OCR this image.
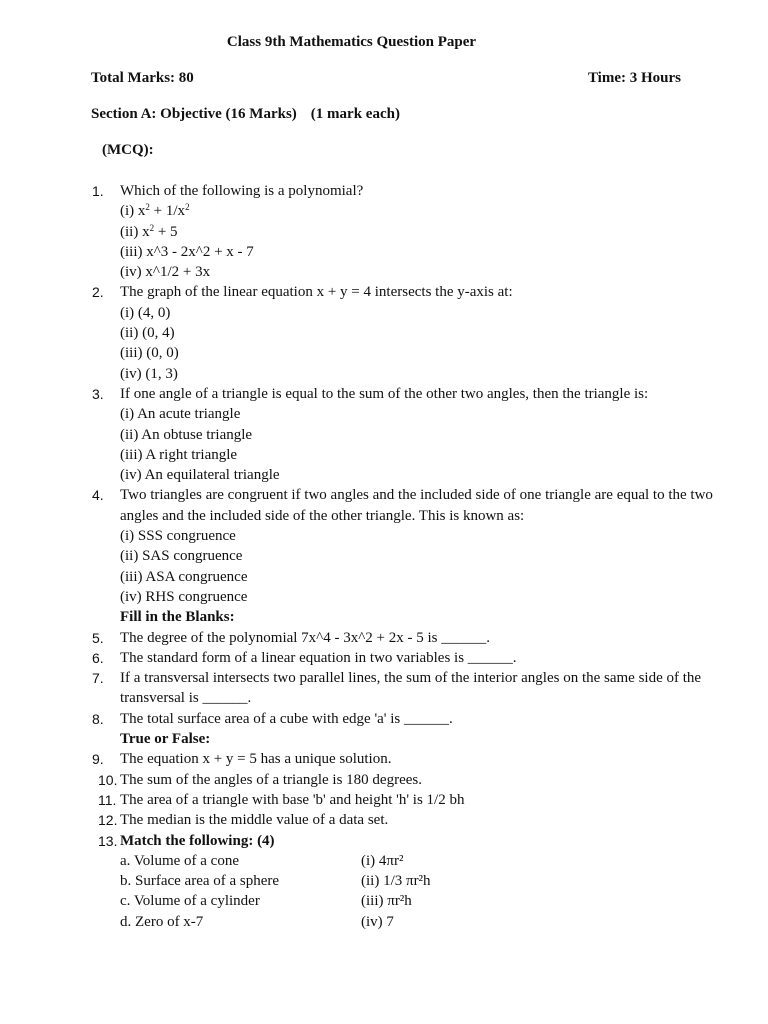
Class 9th Mathematics Question Paper
Total Marks: 80	Time: 3 Hours
Section A: Objective (16 Marks) (1 mark each)
(MCQ):
1.	Which of the following is a polynomial?
(i) $x^2 + 1/x^2$
(ii) $x^2 + 5$
(iii) x^3 - 2x^2 + x - 7
(iv) x^1/2 + 3x
2.	The graph of the linear equation x + y = 4 intersects the y-axis at:
(i) (4, 0)
(ii) (0, 4)
(iii) (0, 0)
(iv) (1, 3)
3.	If one angle of a triangle is equal to the sum of the other two angles, then the triangle is:
(i) An acute triangle
(ii) An obtuse triangle
(iii) A right triangle
(iv) An equilateral triangle
4.	Two triangles are congruent if two angles and the included side of one triangle are equal to the two angles and the included side of the other triangle. This is known as:
(i) SSS congruence
(ii) SAS congruence
(iii) ASA congruence
(iv) RHS congruence
Fill in the Blanks:
5.	The degree of the polynomial 7x^4 - 3x^2 + 2x - 5 is ______.
6.	The standard form of a linear equation in two variables is ______.
7.	If a transversal intersects two parallel lines, the sum of the interior angles on the same side of the transversal is ______.
8.	The total surface area of a cube with edge 'a' is ______.
True or False:
9.	The equation x + y = 5 has a unique solution.
10. The sum of the angles of a triangle is 180 degrees.
11. The area of a triangle with base 'b' and height 'h' is 1/2 bh
12. The median is the middle value of a data set.
13. Match the following: (4)
a. Volume of a cone	(i) 4πr²
b. Surface area of a sphere	(ii) 1/3 πr²h
c. Volume of a cylinder	(iii) πr²h
d. Zero of x-7	(iv) 7
